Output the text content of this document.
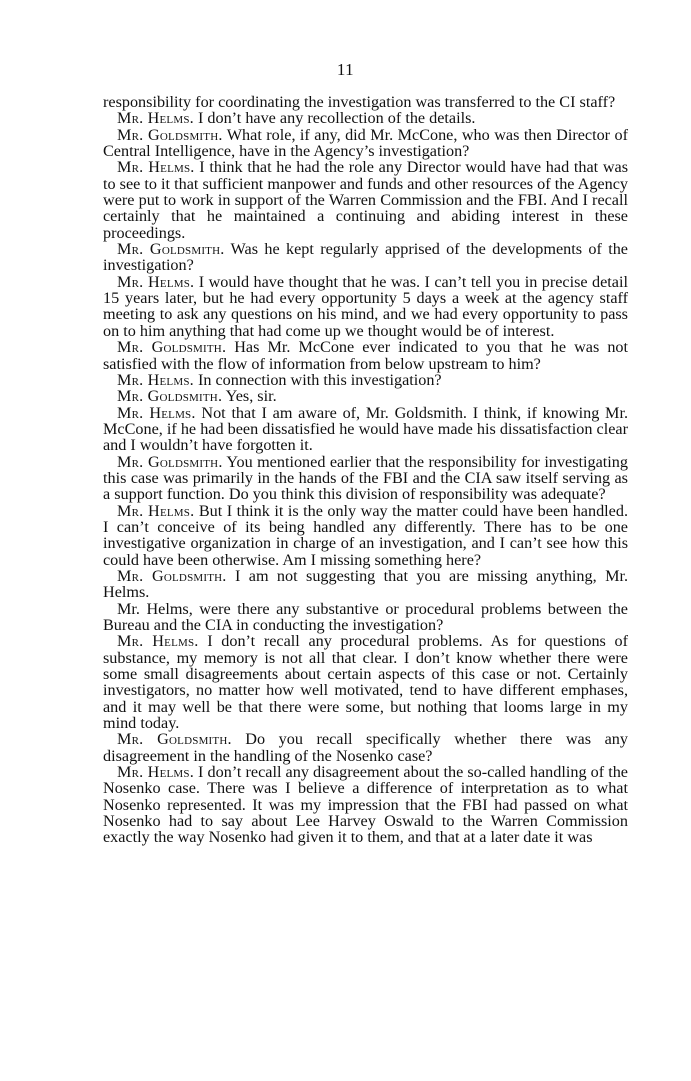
11

responsibility for coordinating the investigation was transferred to the CI staff?

Mr. Helms. I don’t have any recollection of the details.

Mr. Goldsmith. What role, if any, did Mr. McCone, who was then Director of Central Intelligence, have in the Agency’s investigation?

Mr. Helms. I think that he had the role any Director would have had that was to see to it that sufficient manpower and funds and other resources of the Agency were put to work in support of the Warren Commission and the FBI. And I recall certainly that he maintained a continuing and abiding interest in these proceedings.

Mr. Goldsmith. Was he kept regularly apprised of the developments of the investigation?

Mr. Helms. I would have thought that he was. I can’t tell you in precise detail 15 years later, but he had every opportunity 5 days a week at the agency staff meeting to ask any questions on his mind, and we had every opportunity to pass on to him anything that had come up we thought would be of interest.

Mr. Goldsmith. Has Mr. McCone ever indicated to you that he was not satisfied with the flow of information from below upstream to him?

Mr. Helms. In connection with this investigation?

Mr. Goldsmith. Yes, sir.

Mr. Helms. Not that I am aware of, Mr. Goldsmith. I think, if knowing Mr. McCone, if he had been dissatisfied he would have made his dissatisfaction clear and I wouldn’t have forgotten it.

Mr. Goldsmith. You mentioned earlier that the responsibility for investigating this case was primarily in the hands of the FBI and the CIA saw itself serving as a support function. Do you think this division of responsibility was adequate?

Mr. Helms. But I think it is the only way the matter could have been handled. I can’t conceive of its being handled any differently. There has to be one investigative organization in charge of an investigation, and I can’t see how this could have been otherwise. Am I missing something here?

Mr. Goldsmith. I am not suggesting that you are missing anything, Mr. Helms.

Mr. Helms, were there any substantive or procedural problems between the Bureau and the CIA in conducting the investigation?

Mr. Helms. I don’t recall any procedural problems. As for questions of substance, my memory is not all that clear. I don’t know whether there were some small disagreements about certain aspects of this case or not. Certainly investigators, no matter how well motivated, tend to have different emphases, and it may well be that there were some, but nothing that looms large in my mind today.

Mr. Goldsmith. Do you recall specifically whether there was any disagreement in the handling of the Nosenko case?

Mr. Helms. I don’t recall any disagreement about the so-called handling of the Nosenko case. There was I believe a difference of interpretation as to what Nosenko represented. It was my impression that the FBI had passed on what Nosenko had to say about Lee Harvey Oswald to the Warren Commission exactly the way Nosenko had given it to them, and that at a later date it was
